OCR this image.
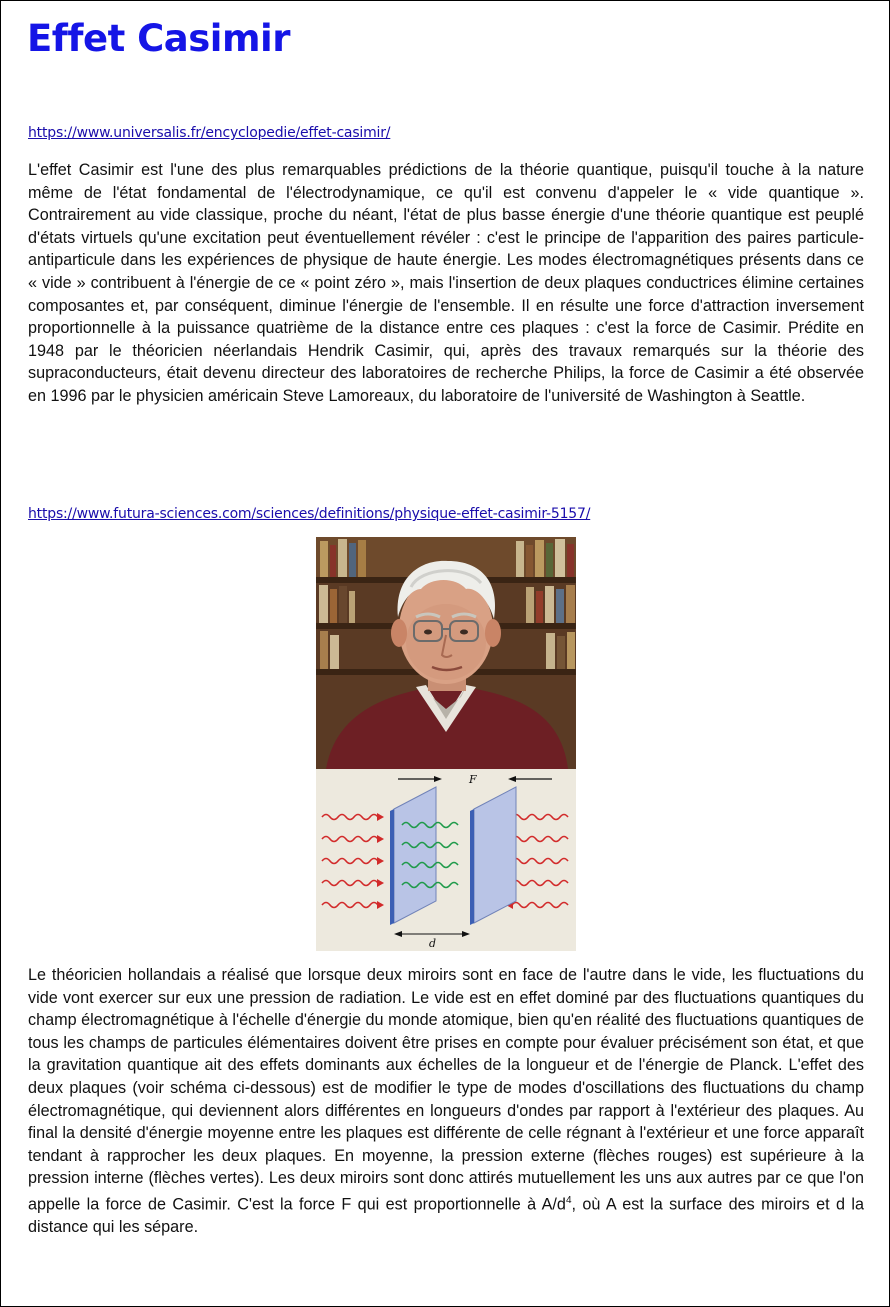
Effet Casimir
https://www.universalis.fr/encyclopedie/effet-casimir/

L'effet Casimir est l'une des plus remarquables prédictions de la théorie quantique, puisqu'il touche à la nature même de l'état fondamental de l'électrodynamique, ce qu'il est convenu d'appeler le « vide quantique ». Contrairement au vide classique, proche du néant, l'état de plus basse énergie d'une théorie quantique est peuplé d'états virtuels qu'une excitation peut éventuellement révéler : c'est le principe de l'apparition des paires particule-antiparticule dans les expériences de physique de haute énergie. Les modes électromagnétiques présents dans ce « vide » contribuent à l'énergie de ce « point zéro », mais l'insertion de deux plaques conductrices élimine certaines composantes et, par conséquent, diminue l'énergie de l'ensemble. Il en résulte une force d'attraction inversement proportionnelle à la puissance quatrième de la distance entre ces plaques : c'est la force de Casimir. Prédite en 1948 par le théoricien néerlandais Hendrik Casimir, qui, après des travaux remarqués sur la théorie des supraconducteurs, était devenu directeur des laboratoires de recherche Philips, la force de Casimir a été observée en 1996 par le physicien américain Steve Lamoreaux, du laboratoire de l'université de Washington à Seattle.

https://www.futura-sciences.com/sciences/definitions/physique-effet-casimir-5157/
F
d

Le théoricien hollandais a réalisé que lorsque deux miroirs sont en face de l'autre dans le vide, les fluctuations du vide vont exercer sur eux une pression de radiation. Le vide est en effet dominé par des fluctuations quantiques du champ électromagnétique à l'échelle d'énergie du monde atomique, bien qu'en réalité des fluctuations quantiques de tous les champs de particules élémentaires doivent être prises en compte pour évaluer précisément son état, et que la gravitation quantique ait des effets dominants aux échelles de la longueur et de l'énergie de Planck. L'effet des deux plaques (voir schéma ci-dessous) est de modifier le type de modes d'oscillations des fluctuations du champ électromagnétique, qui deviennent alors différentes en longueurs d'ondes par rapport à l'extérieur des plaques. Au final la densité d'énergie moyenne entre les plaques est différente de celle régnant à l'extérieur et une force apparaît tendant à rapprocher les deux plaques. En moyenne, la pression externe (flèches rouges) est supérieure à la pression interne (flèches vertes). Les deux miroirs sont donc attirés mutuellement les uns aux autres par ce que l'on appelle la force de Casimir. C'est la force F qui est proportionnelle à $A/d^4$, où A est la surface des miroirs et d la distance qui les sépare.
